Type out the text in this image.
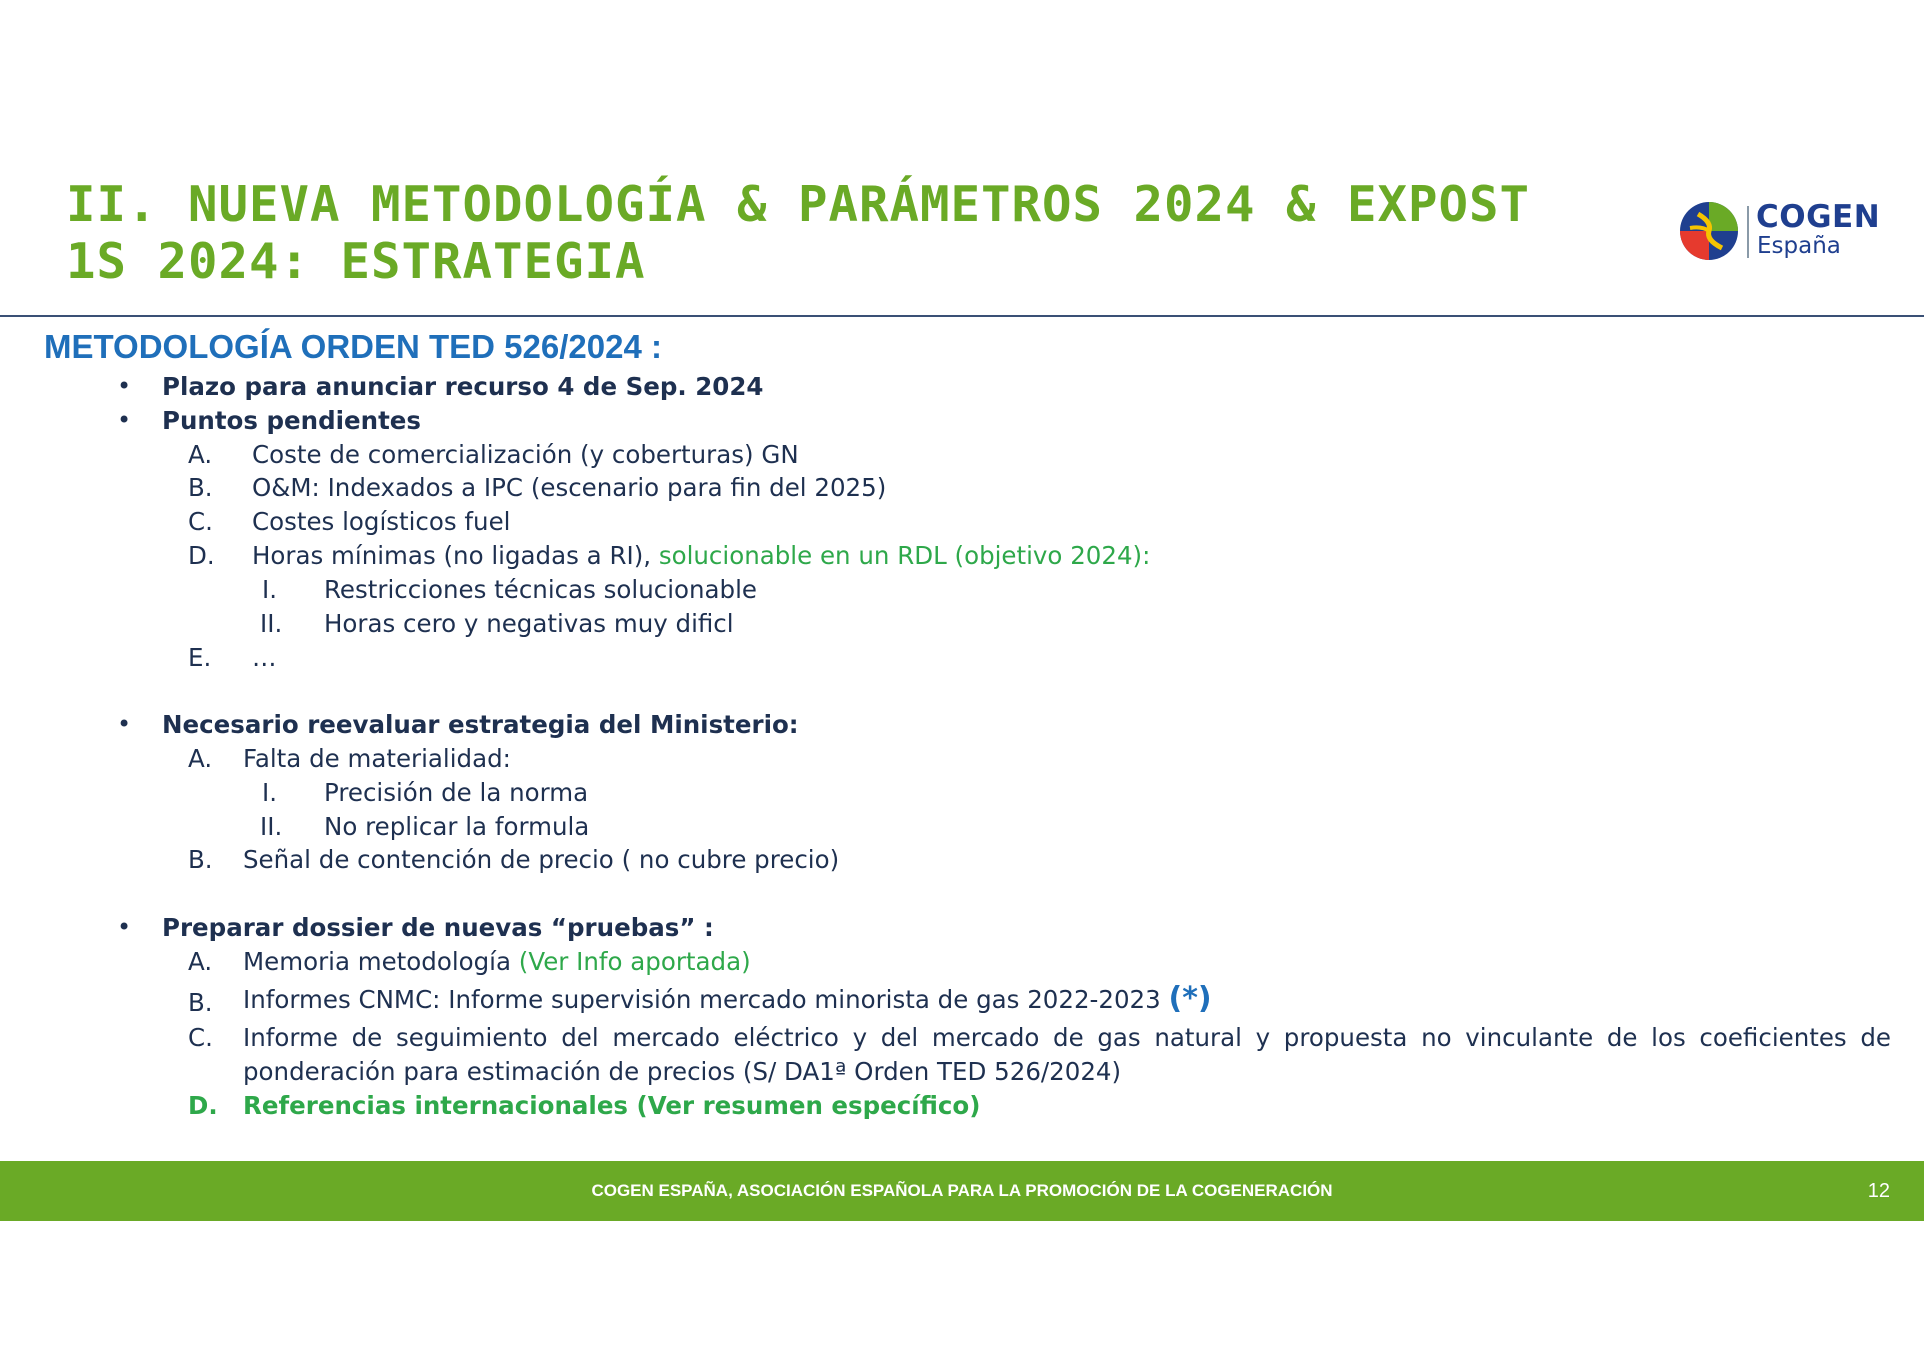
II. NUEVA METODOLOGÍA & PARÁMETROS 2024 & EXPOST
1S 2024: ESTRATEGIA
COGEN
España
METODOLOGÍA ORDEN TED 526/2024 :
• Plazo para anunciar recurso 4 de Sep. 2024
• Puntos pendientes
A. Coste de comercialización (y coberturas) GN
B. O&M: Indexados a IPC (escenario para fin del 2025)
C. Costes logísticos fuel
D. Horas mínimas (no ligadas a RI), solucionable en un RDL (objetivo 2024):
I. Restricciones técnicas solucionable
II. Horas cero y negativas muy dificl
E. …
• Necesario reevaluar estrategia del Ministerio:
A. Falta de materialidad:
I. Precisión de la norma
II. No replicar la formula
B. Señal de contención de precio ( no cubre precio)
• Preparar dossier de nuevas “pruebas” :
A. Memoria metodología (Ver Info aportada)
B. Informes CNMC: Informe supervisión mercado minorista de gas 2022-2023 (*)
C. Informe de seguimiento del mercado eléctrico y del mercado de gas natural y propuesta no vinculante de los coeficientes de ponderación para estimación de precios (S/ DA1ª Orden TED 526/2024)
D. Referencias internacionales (Ver resumen específico)
COGEN ESPAÑA, ASOCIACIÓN ESPAÑOLA PARA LA PROMOCIÓN DE LA COGENERACIÓN	12
